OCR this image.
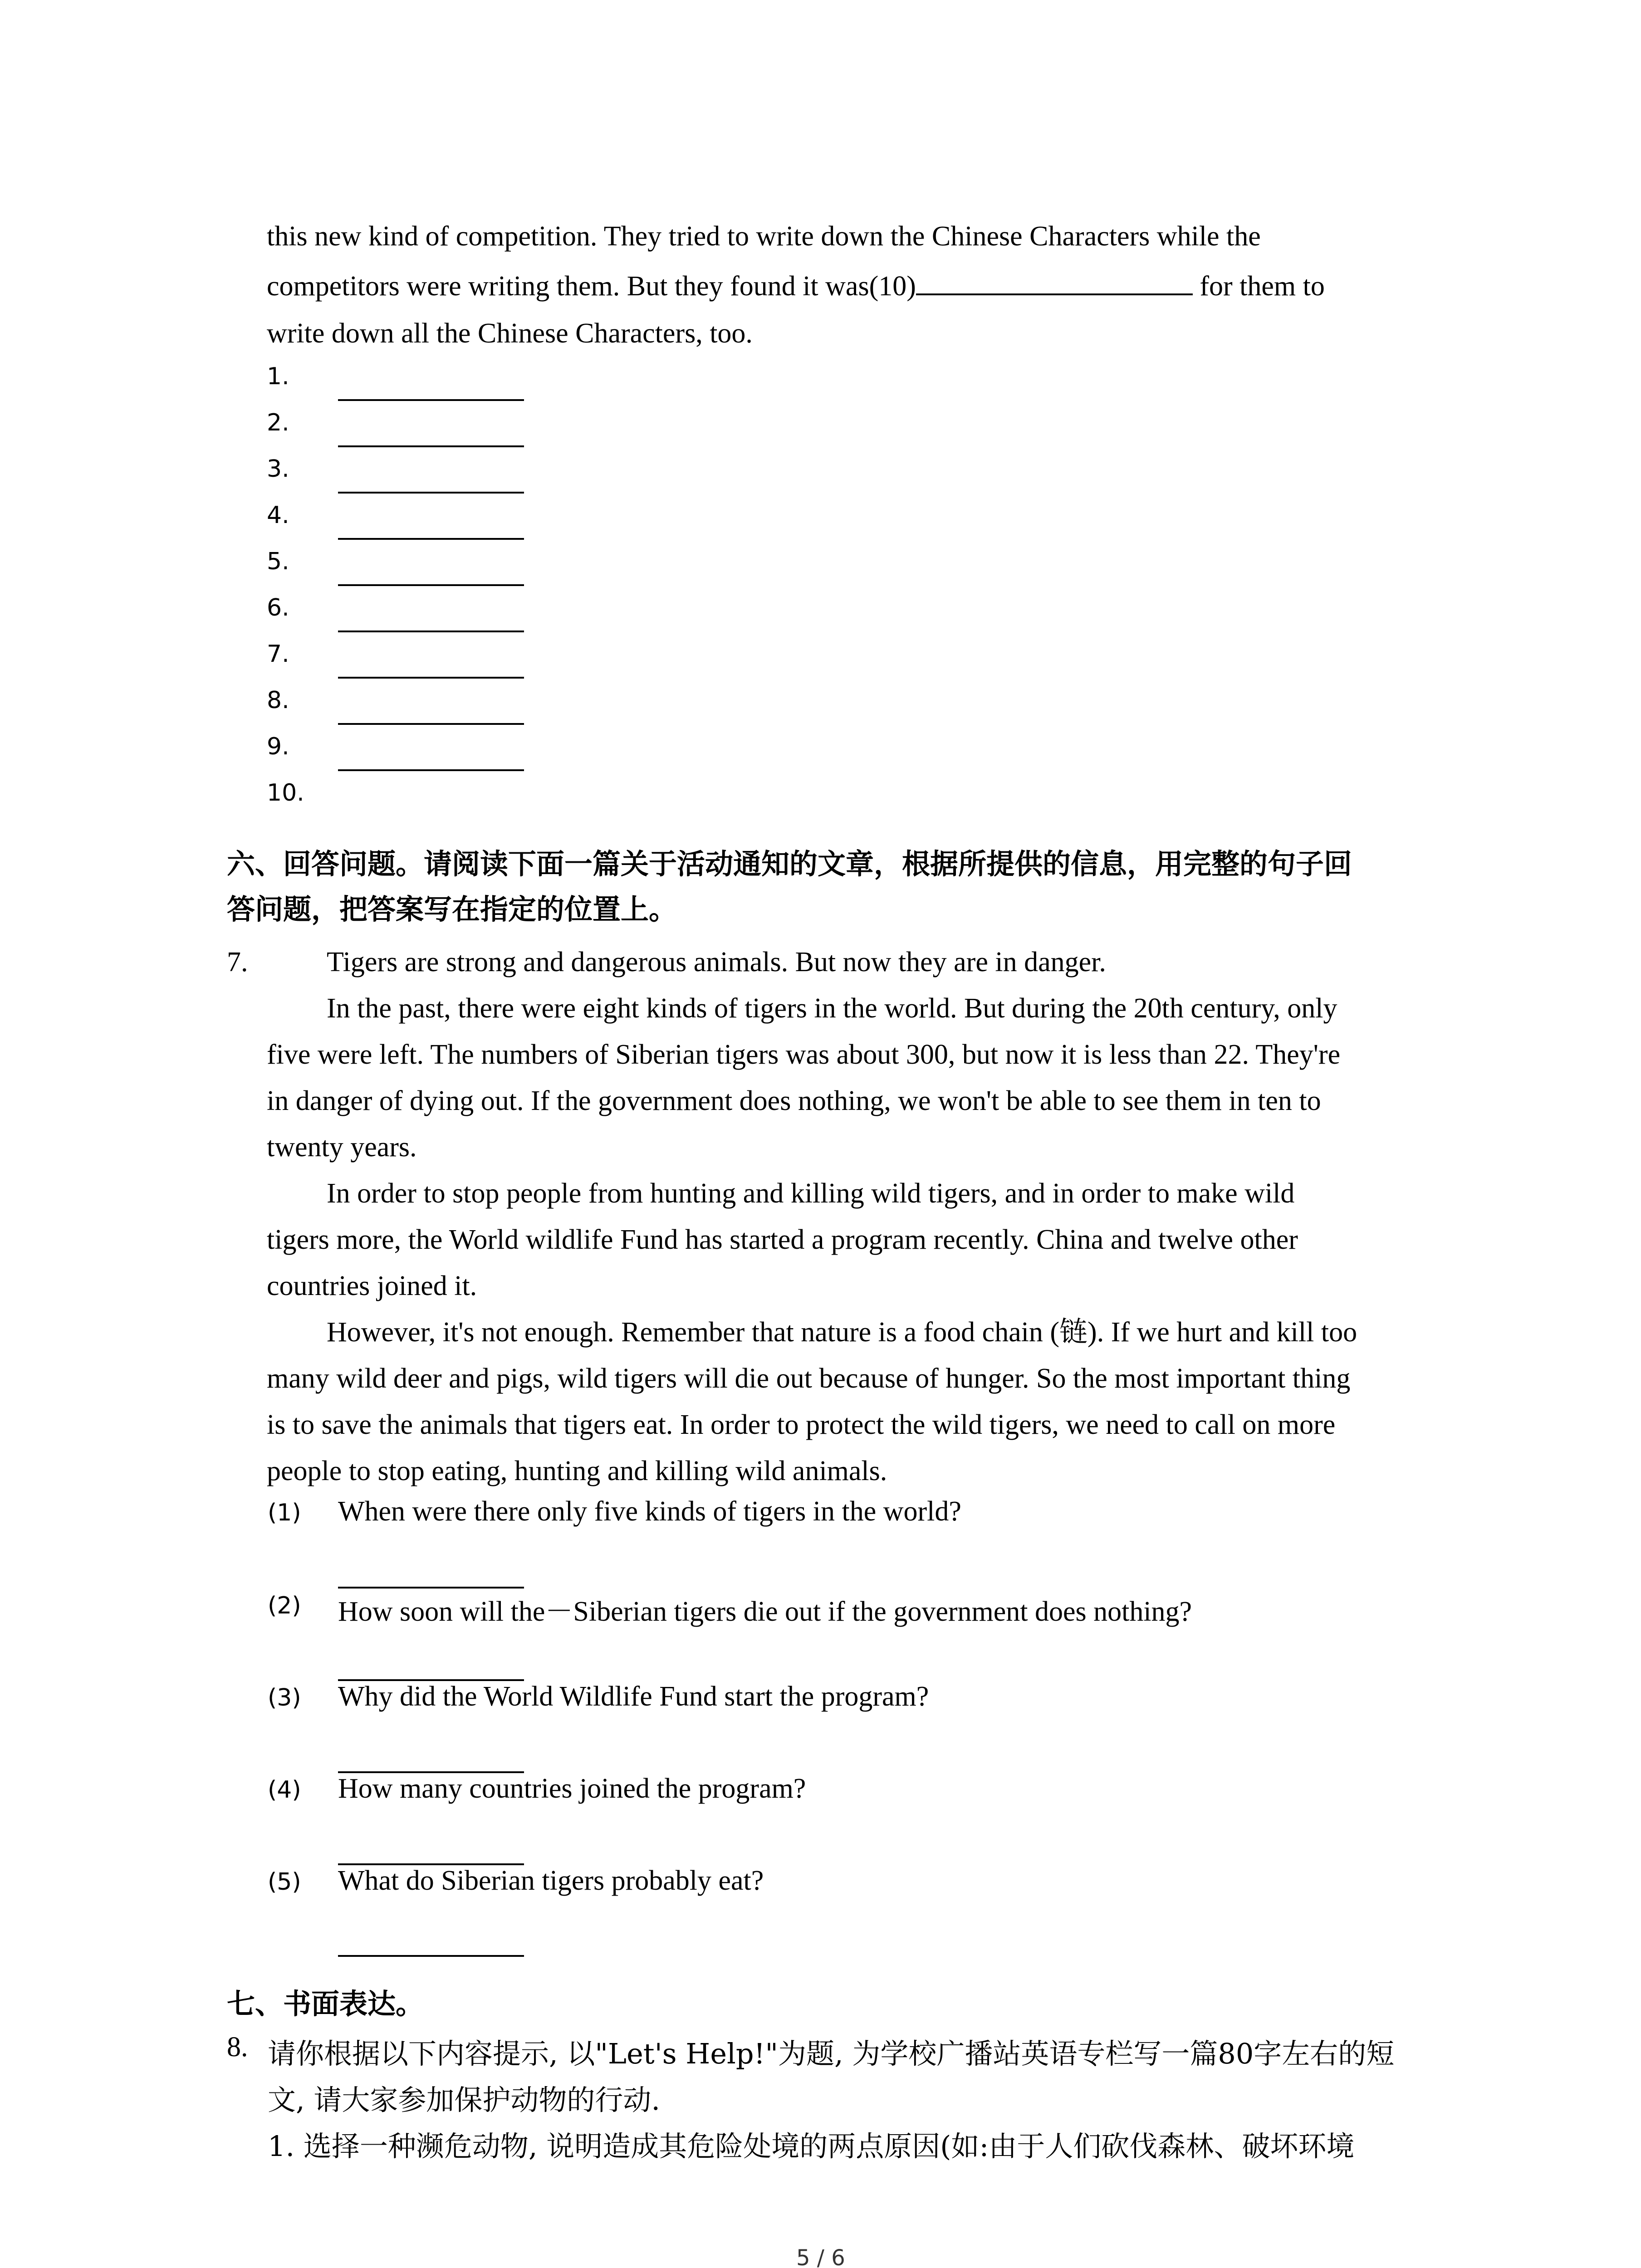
this new kind of competition. They tried to write down the Chinese Characters while the
competitors were writing them. But they found it was(10)	for them to
write down all the Chinese Characters, too.
1.
2.
3.
4.
5.
6.
7.
8.
9.
10.
六、回答问题。请阅读下面一篇关于活动通知的文章，根据所提供的信息，用完整的句子回
答问题，把答案写在指定的位置上。
7.	Tigers are strong and dangerous animals. But now they are in danger.
In the past, there were eight kinds of tigers in the world. But during the 20th century, only
five were left. The numbers of Siberian tigers was about 300, but now it is less than 22. They're
in danger of dying out. If the government does nothing, we won't be able to see them in ten to
twenty years.
In order to stop people from hunting and killing wild tigers, and in order to make wild
tigers more, the World wildlife Fund has started a program recently. China and twelve other
countries joined it.
However, it's not enough. Remember that nature is a food chain (链). If we hurt and kill too
many wild deer and pigs, wild tigers will die out because of hunger. So the most important thing
is to save the animals that tigers eat. In order to protect the wild tigers, we need to call on more
people to stop eating, hunting and killing wild animals.
(1) When were there only five kinds of tigers in the world?
(2) How soon will the－Siberian tigers die out if the government does nothing?
(3) Why did the World Wildlife Fund start the program?
(4) How many countries joined the program?
(5) What do Siberian tigers probably eat?
七、书面表达。
8. 请你根据以下内容提示, 以"Let's Help!"为题, 为学校广播站英语专栏写一篇80字左右的短
文, 请大家参加保护动物的行动.
1. 选择一种濒危动物, 说明造成其危险处境的两点原因(如:由于人们砍伐森林、破坏环境
5 / 6
